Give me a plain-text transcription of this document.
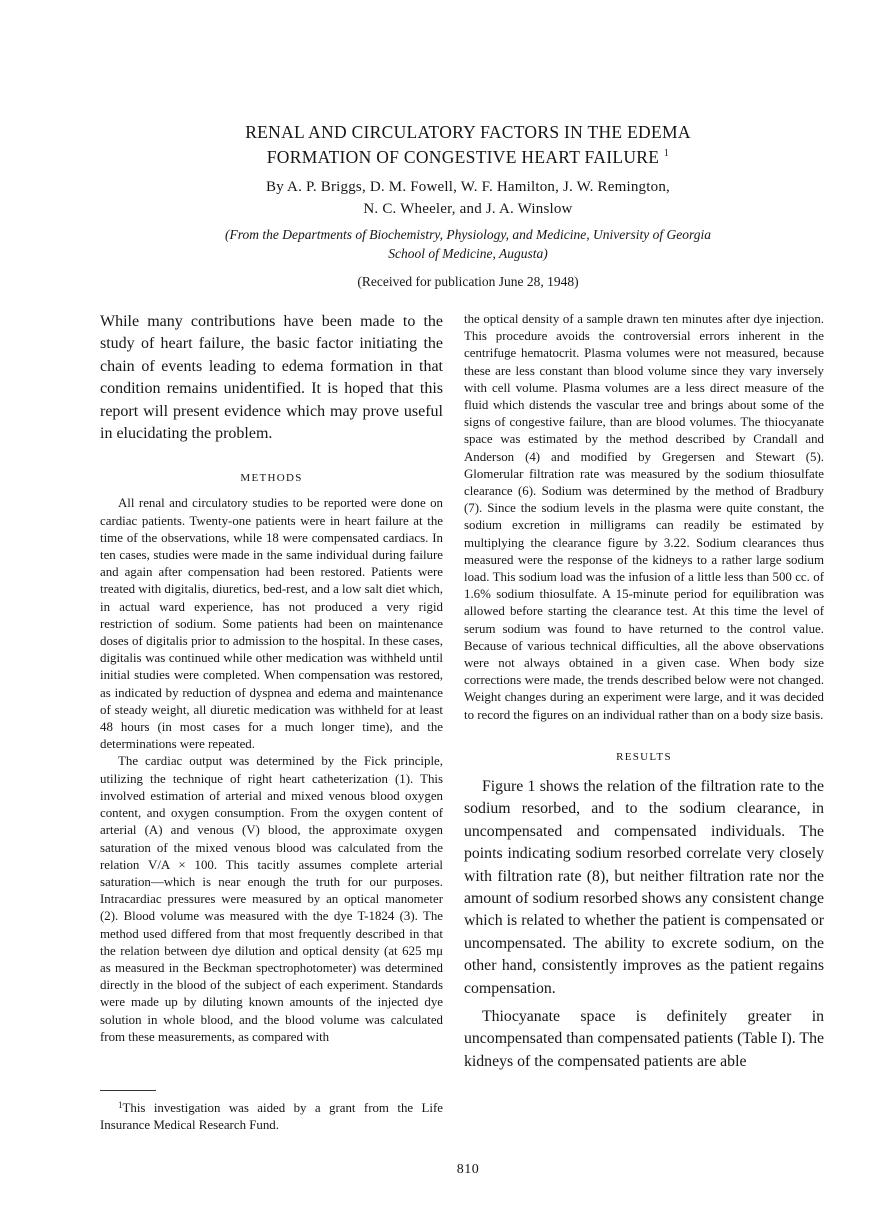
RENAL AND CIRCULATORY FACTORS IN THE EDEMA
FORMATION OF CONGESTIVE HEART FAILURE $^1$
By A. P. Briggs, D. M. Fowell, W. F. Hamilton, J. W. Remington,
N. C. Wheeler, and J. A. Winslow
(From the Departments of Biochemistry, Physiology, and Medicine, University of Georgia
School of Medicine, Augusta)
(Received for publication June 28, 1948)

While many contributions have been made to the study of heart failure, the basic factor initiating the chain of events leading to edema formation in that condition remains unidentified. It is hoped that this report will present evidence which may prove useful in elucidating the problem.

METHODS

All renal and circulatory studies to be reported were done on cardiac patients. Twenty-one patients were in heart failure at the time of the observations, while 18 were compensated cardiacs. In ten cases, studies were made in the same individual during failure and again after compensation had been restored. Patients were treated with digitalis, diuretics, bed-rest, and a low salt diet which, in actual ward experience, has not produced a very rigid restriction of sodium. Some patients had been on maintenance doses of digitalis prior to admission to the hospital. In these cases, digitalis was continued while other medication was withheld until initial studies were completed. When compensation was restored, as indicated by reduction of dyspnea and edema and maintenance of steady weight, all diuretic medication was withheld for at least 48 hours (in most cases for a much longer time), and the determinations were repeated.

The cardiac output was determined by the Fick principle, utilizing the technique of right heart catheterization (1). This involved estimation of arterial and mixed venous blood oxygen content, and oxygen consumption. From the oxygen content of arterial (A) and venous (V) blood, the approximate oxygen saturation of the mixed venous blood was calculated from the relation V/A × 100. This tacitly assumes complete arterial saturation—which is near enough the truth for our purposes. Intracardiac pressures were measured by an optical manometer (2). Blood volume was measured with the dye T-1824 (3). The method used differed from that most frequently described in that the relation between dye dilution and optical density (at 625 mμ as measured in the Beckman spectrophotometer) was determined directly in the blood of the subject of each experiment. Standards were made up by diluting known amounts of the injected dye solution in whole blood, and the blood volume was calculated from these measurements, as compared with

the optical density of a sample drawn ten minutes after dye injection. This procedure avoids the controversial errors inherent in the centrifuge hematocrit. Plasma volumes were not measured, because these are less constant than blood volume since they vary inversely with cell volume. Plasma volumes are a less direct measure of the fluid which distends the vascular tree and brings about some of the signs of congestive failure, than are blood volumes. The thiocyanate space was estimated by the method described by Crandall and Anderson (4) and modified by Gregersen and Stewart (5). Glomerular filtration rate was measured by the sodium thiosulfate clearance (6). Sodium was determined by the method of Bradbury (7). Since the sodium levels in the plasma were quite constant, the sodium excretion in milligrams can readily be estimated by multiplying the clearance figure by 3.22. Sodium clearances thus measured were the response of the kidneys to a rather large sodium load. This sodium load was the infusion of a little less than 500 cc. of 1.6% sodium thiosulfate. A 15-minute period for equilibration was allowed before starting the clearance test. At this time the level of serum sodium was found to have returned to the control value. Because of various technical difficulties, all the above observations were not always obtained in a given case. When body size corrections were made, the trends described below were not changed. Weight changes during an experiment were large, and it was decided to record the figures on an individual rather than on a body size basis.

RESULTS

Figure 1 shows the relation of the filtration rate to the sodium resorbed, and to the sodium clearance, in uncompensated and compensated individuals. The points indicating sodium resorbed correlate very closely with filtration rate (8), but neither filtration rate nor the amount of sodium resorbed shows any consistent change which is related to whether the patient is compensated or uncompensated. The ability to excrete sodium, on the other hand, consistently improves as the patient regains compensation.

Thiocyanate space is definitely greater in uncompensated than compensated patients (Table I). The kidneys of the compensated patients are able

$^1$This investigation was aided by a grant from the Life Insurance Medical Research Fund.

810
